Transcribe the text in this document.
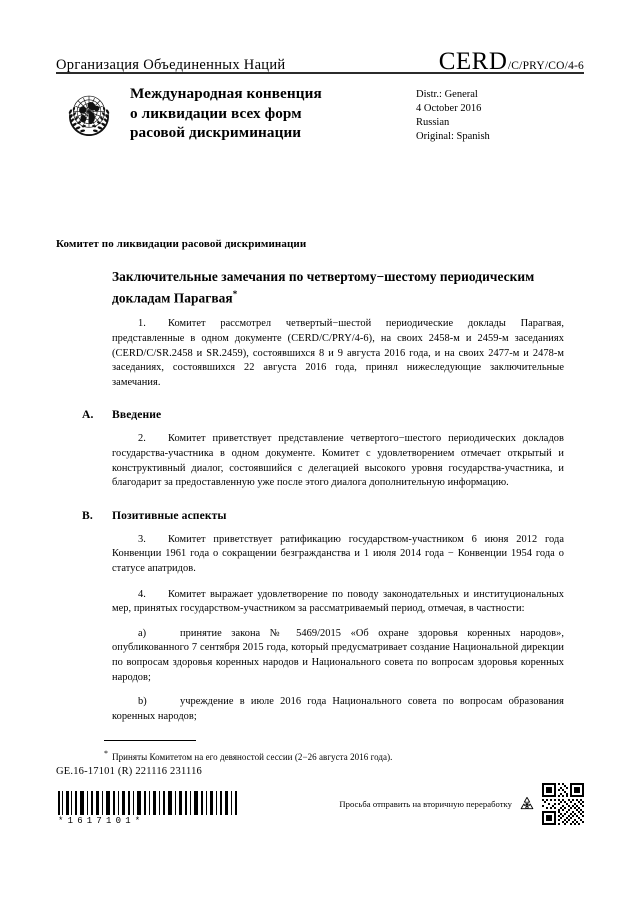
Организация Объединенных Наций	CERD /C/PRY/CO/4-6
Международная конвенция
о ликвидации всех форм
расовой дискриминации
Distr.: General
4 October 2016
Russian
Original: Spanish
Комитет по ликвидации расовой дискриминации
Заключительные замечания по четвертому−шестому периодическим докладам Парагвая*

1. Комитет рассмотрел четвертый−шестой периодические доклады Парагвая, представленные в одном документе (CERD/C/PRY/4-6), на своих 2458-м и 2459-м заседаниях (CERD/C/SR.2458 и SR.2459), состоявшихся 8 и 9 августа 2016 года, и на своих 2477-м и 2478-м заседаниях, состоявшихся 22 августа 2016 года, принял нижеследующие заключительные замечания.

A. Введение

2. Комитет приветствует представление четвертого−шестого периодических докладов государства-участника в одном документе. Комитет с удовлетворением отмечает открытый и конструктивный диалог, состоявшийся с делегацией высокого уровня государства-участника, и благодарит за предоставленную уже после этого диалога дополнительную информацию.

B. Позитивные аспекты

3. Комитет приветствует ратификацию государством-участником 6 июня 2012 года Конвенции 1961 года о сокращении безгражданства и 1 июля 2014 года − Конвенции 1954 года о статусе апатридов.

4. Комитет выражает удовлетворение по поводу законодательных и институциональных мер, принятых государством-участником за рассматриваемый период, отмечая, в частности:

a)	принятие закона № 5469/2015 «Об охране здоровья коренных народов», опубликованного 7 сентября 2015 года, который предусматривает создание Национальной дирекции по вопросам здоровья коренных народов и Национального совета по вопросам здоровья коренных народов;

b)	учреждение в июле 2016 года Национального совета по вопросам образования коренных народов;

* Приняты Комитетом на его девяностой сессии (2−26 августа 2016 года).
GE.16-17101 (R) 221116 231116
*1617101*
Просьба отправить на вторичную переработку
